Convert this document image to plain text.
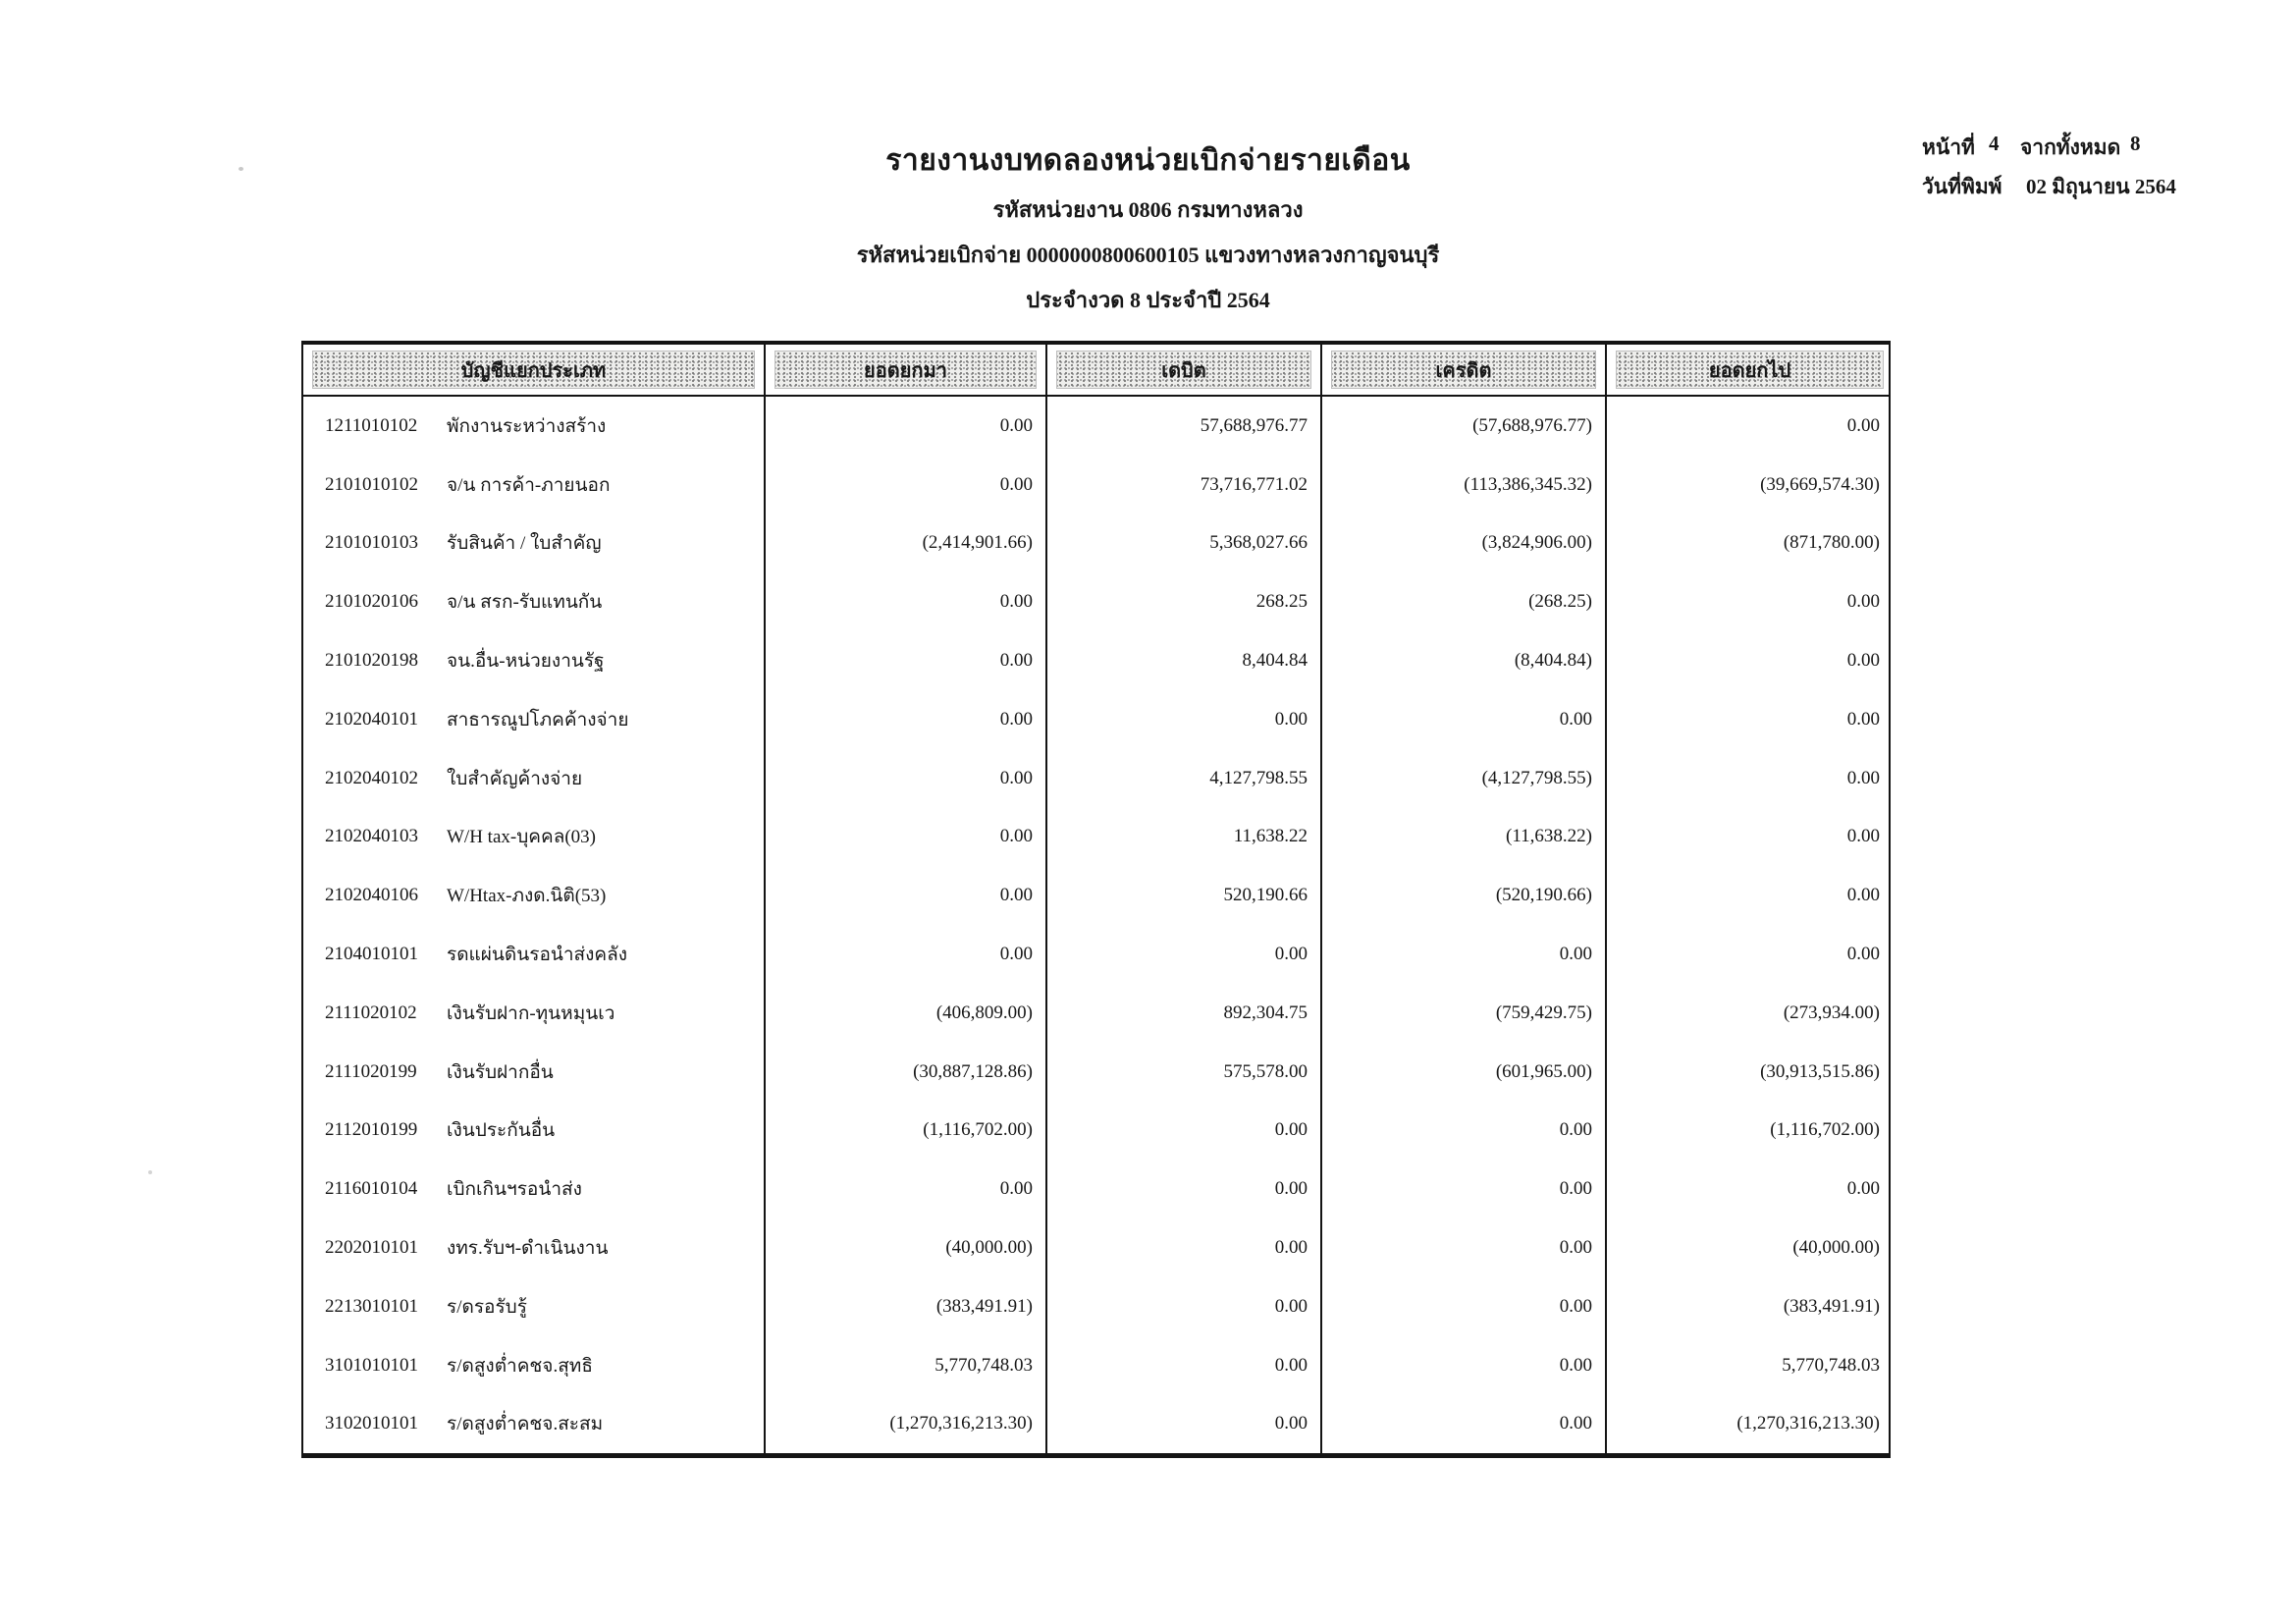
รายงานงบทดลองหน่วยเบิกจ่ายรายเดือน
รหัสหน่วยงาน 0806 กรมทางหลวง
รหัสหน่วยเบิกจ่าย 0000000800600105 แขวงทางหลวงกาญจนบุรี
ประจำงวด 8 ประจำปี 2564
หน้าที่ 4 จากทั้งหมด 8
วันที่พิมพ์ 02 มิถุนายน 2564
บัญชีแยกประเภท	ยอดยกมา	เดบิต	เครดิต	ยอดยกไป
1211010102	พักงานระหว่างสร้าง	0.00	57,688,976.77	(57,688,976.77)	0.00
2101010102	จ/น การค้า-ภายนอก	0.00	73,716,771.02	(113,386,345.32)	(39,669,574.30)
2101010103	รับสินค้า / ใบสำคัญ	(2,414,901.66)	5,368,027.66	(3,824,906.00)	(871,780.00)
2101020106	จ/น สรก-รับแทนกัน	0.00	268.25	(268.25)	0.00
2101020198	จน.อื่น-หน่วยงานรัฐ	0.00	8,404.84	(8,404.84)	0.00
2102040101	สาธารณูปโภคค้างจ่าย	0.00	0.00	0.00	0.00
2102040102	ใบสำคัญค้างจ่าย	0.00	4,127,798.55	(4,127,798.55)	0.00
2102040103	W/H tax-บุคคล(03)	0.00	11,638.22	(11,638.22)	0.00
2102040106	W/Htax-ภงด.นิติ(53)	0.00	520,190.66	(520,190.66)	0.00
2104010101	รดแผ่นดินรอนำส่งคลัง	0.00	0.00	0.00	0.00
2111020102	เงินรับฝาก-ทุนหมุนเว	(406,809.00)	892,304.75	(759,429.75)	(273,934.00)
2111020199	เงินรับฝากอื่น	(30,887,128.86)	575,578.00	(601,965.00)	(30,913,515.86)
2112010199	เงินประกันอื่น	(1,116,702.00)	0.00	0.00	(1,116,702.00)
2116010104	เบิกเกินฯรอนำส่ง	0.00	0.00	0.00	0.00
2202010101	งทร.รับฯ-ดำเนินงาน	(40,000.00)	0.00	0.00	(40,000.00)
2213010101	ร/ดรอรับรู้	(383,491.91)	0.00	0.00	(383,491.91)
3101010101	ร/ดสูงต่ำคชจ.สุทธิ	5,770,748.03	0.00	0.00	5,770,748.03
3102010101	ร/ดสูงต่ำคชจ.สะสม	(1,270,316,213.30)	0.00	0.00	(1,270,316,213.30)
